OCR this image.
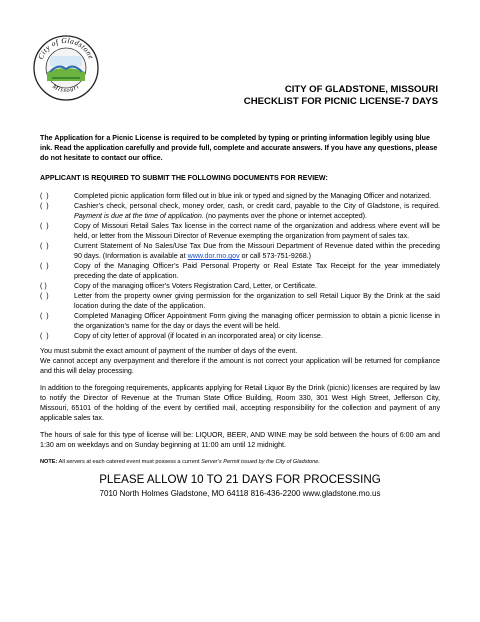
City of Gladstone
Missouri	CITY OF GLADSTONE, MISSOURI
CHECKLIST FOR PICNIC LICENSE-7 DAYS

The Application for a Picnic License is required to be completed by typing or printing information legibly using blue ink. Read the application carefully and provide full, complete and accurate answers. If you have any questions, please do not hesitate to contact our office.

APPLICANT IS REQUIRED TO SUBMIT THE FOLLOWING DOCUMENTS FOR REVIEW:

(  )	Completed picnic application form filled out in blue ink or typed and signed by the Managing Officer and notarized.
(  )	Cashier’s check, personal check, money order, cash, or credit card, payable to the City of Gladstone, is required. Payment is due at the time of application. (no payments over the phone or internet accepted).
(  )	Copy of Missouri Retail Sales Tax license in the correct name of the organization and address where event will be held, or letter from the Missouri Director of Revenue exempting the organization from payment of sales tax.
(  )	Current Statement of No Sales/Use Tax Due from the Missouri Department of Revenue dated within the preceding 90 days. (Information is available at www.dor.mo.gov or call 573-751-9268.)
(  )	Copy of the Managing Officer’s Paid Personal Property or Real Estate Tax Receipt for the year immediately preceding the date of application.
( )	Copy of the managing officer’s Voters Registration Card, Letter, or Certificate.
(  )	Letter from the property owner giving permission for the organization to sell Retail Liquor By the Drink at the said location during the date of the application.
(  )	Completed Managing Officer Appointment Form giving the managing officer permission to obtain a picnic license in the organization’s name for the day or days the event will be held.
(  )	Copy of city letter of approval (if located in an incorporated area) or city license.

You must submit the exact amount of payment of the number of days of the event.

We cannot accept any overpayment and therefore if the amount is not correct your application will be returned for compliance and this will delay processing.

In addition to the foregoing requirements, applicants applying for Retail Liquor By the Drink (picnic) licenses are required by law to notify the Director of Revenue at the Truman State Office Building, Room 330, 301 West High Street, Jefferson City, Missouri, 65101 of the holding of the event by certified mail, accepting responsibility for the collection and payment of any applicable sales tax.

The hours of sale for this type of license will be: LIQUOR, BEER, AND WINE may be sold between the hours of 6:00 am and 1:30 am on weekdays and on Sunday beginning at 11:00 am until 12 midnight.

NOTE: All servers at each catered event must possess a current Server’s Permit issued by the City of Gladstone.

PLEASE ALLOW 10 TO 21 DAYS FOR PROCESSING

7010 North Holmes Gladstone, MO 64118 816-436-2200 www.gladstone.mo.us
